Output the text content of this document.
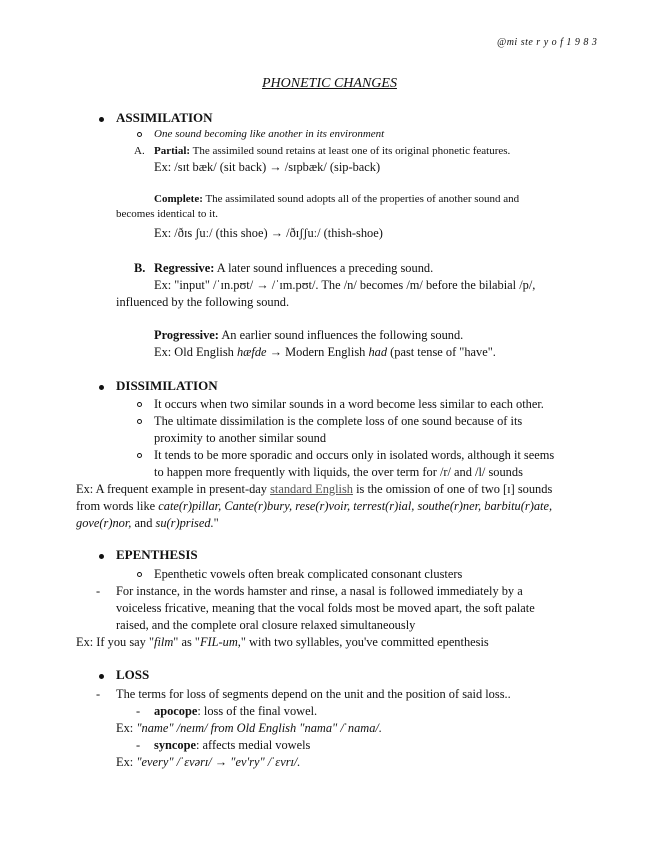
@mi ste r y o f 1 9 8 3
PHONETIC CHANGES
ASSIMILATION
One sound becoming like another in its environment
A. Partial: The assimiled sound retains at least one of its original phonetic features.
Ex: /sɪt bæk/ (sit back) → /sɪpbæk/ (sip-back)
Complete: The assimilated sound adopts all of the properties of another sound and
becomes identical to it.
Ex: /ðɪs ʃuː/ (this shoe) → /ðɪʃʃuː/ (thish-shoe)
B. Regressive: A later sound influences a preceding sound.
Ex: "input" /ˈɪn.pʊt/ → /ˈɪm.pʊt/. The /n/ becomes /m/ before the bilabial /p/,
influenced by the following sound.
Progressive: An earlier sound influences the following sound.
Ex: Old English hæfde → Modern English had (past tense of "have".
DISSIMILATION
It occurs when two similar sounds in a word become less similar to each other.
The ultimate dissimilation is the complete loss of one sound because of its
proximity to another similar sound
It tends to be more sporadic and occurs only in isolated words, although it seems
to happen more frequently with liquids, the over term for /r/ and /l/ sounds
Ex: A frequent example in present-day standard English is the omission of one of two [ɪ] sounds
from words like cate(r)pillar, Cante(r)bury, rese(r)voir, terrest(r)ial, southe(r)ner, barbitu(r)ate,
gove(r)nor, and su(r)prised."
EPENTHESIS
Epenthetic vowels often break complicated consonant clusters
- For instance, in the words hamster and rinse, a nasal is followed immediately by a
voiceless fricative, meaning that the vocal folds most be moved apart, the soft palate
raised, and the complete oral closure relaxed simultaneously
Ex: If you say "film" as "FIL-um," with two syllables, you've committed epenthesis
LOSS
- The terms for loss of segments depend on the unit and the position of said loss..
- apocope: loss of the final vowel.
Ex: "name" /neɪm/ from Old English "nama" /ˈnama/.
- syncope: affects medial vowels
Ex: "every" /ˈɛvərɪ/ → "ev'ry" /ˈɛvrɪ/.
